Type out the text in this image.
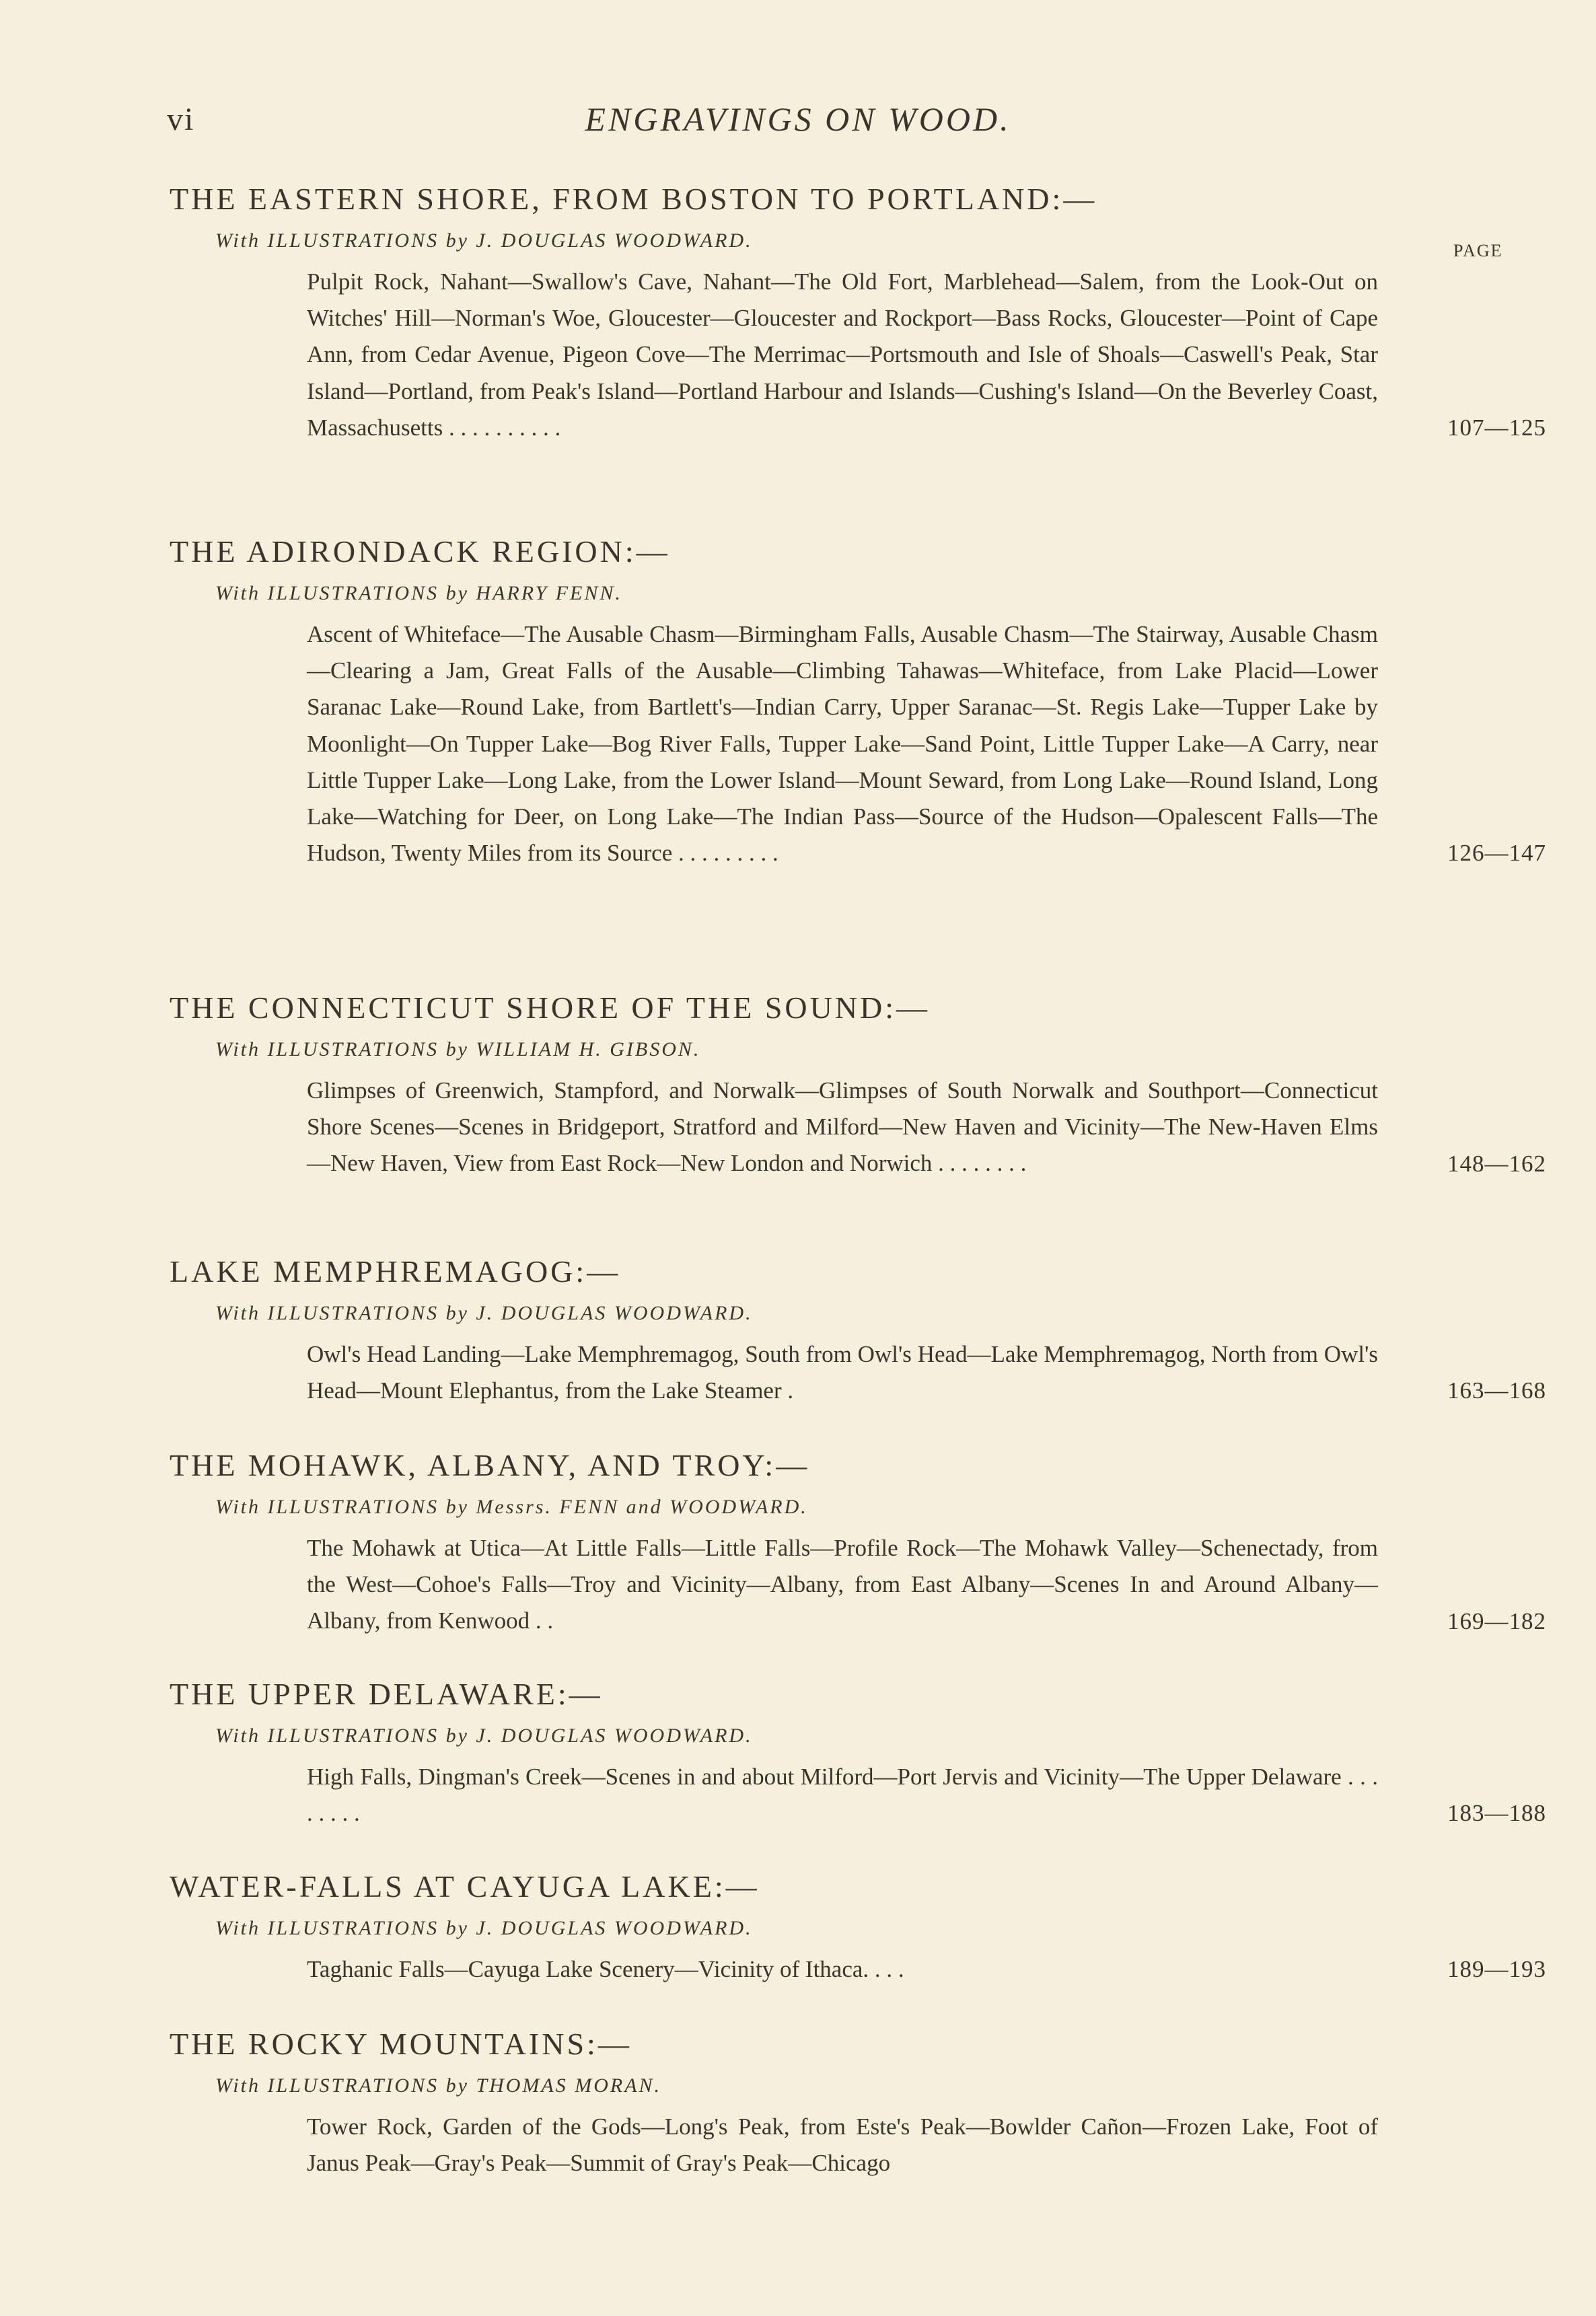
vi	ENGRAVINGS ON WOOD.
PAGE
THE EASTERN SHORE, FROM BOSTON TO PORTLAND:—
With ILLUSTRATIONS by J. DOUGLAS WOODWARD.

Pulpit Rock, Nahant—Swallow's Cave, Nahant—The Old Fort, Marblehead—Salem, from the Look-Out on Witches' Hill—Norman's Woe, Gloucester—Gloucester and Rockport—Bass Rocks, Gloucester—Point of Cape Ann, from Cedar Avenue, Pigeon Cove—The Merrimac—Portsmouth and Isle of Shoals—Caswell's Peak, Star Island—Portland, from Peak's Island—Portland Harbour and Islands—Cushing's Island—On the Beverley Coast, Massachusetts . . . . . . . . . .	107—125
THE ADIRONDACK REGION:—
With ILLUSTRATIONS by HARRY FENN.

Ascent of Whiteface—The Ausable Chasm—Birmingham Falls, Ausable Chasm—The Stairway, Ausable Chasm—Clearing a Jam, Great Falls of the Ausable—Climbing Tahawas—Whiteface, from Lake Placid—Lower Saranac Lake—Round Lake, from Bartlett's—Indian Carry, Upper Saranac—St. Regis Lake—Tupper Lake by Moonlight—On Tupper Lake—Bog River Falls, Tupper Lake—Sand Point, Little Tupper Lake—A Carry, near Little Tupper Lake—Long Lake, from the Lower Island—Mount Seward, from Long Lake—Round Island, Long Lake—Watching for Deer, on Long Lake—The Indian Pass—Source of the Hudson—Opalescent Falls—The Hudson, Twenty Miles from its Source . . . . . . . . .	126—147
THE CONNECTICUT SHORE OF THE SOUND:—
With ILLUSTRATIONS by WILLIAM H. GIBSON.

Glimpses of Greenwich, Stampford, and Norwalk—Glimpses of South Norwalk and Southport—Connecticut Shore Scenes—Scenes in Bridgeport, Stratford and Milford—New Haven and Vicinity—The New-Haven Elms—New Haven, View from East Rock—New London and Norwich . . . . . . . .	148—162
LAKE MEMPHREMAGOG:—
With ILLUSTRATIONS by J. DOUGLAS WOODWARD.

Owl's Head Landing—Lake Memphremagog, South from Owl's Head—Lake Memphremagog, North from Owl's Head—Mount Elephantus, from the Lake Steamer .	163—168
THE MOHAWK, ALBANY, AND TROY:—
With ILLUSTRATIONS by Messrs. FENN and WOODWARD.

The Mohawk at Utica—At Little Falls—Little Falls—Profile Rock—The Mohawk Valley—Schenectady, from the West—Cohoe's Falls—Troy and Vicinity—Albany, from East Albany—Scenes In and Around Albany—Albany, from Kenwood . .	169—182
THE UPPER DELAWARE:—
With ILLUSTRATIONS by J. DOUGLAS WOODWARD.

High Falls, Dingman's Creek—Scenes in and about Milford—Port Jervis and Vicinity—The Upper Delaware . . . . . . . .	183—188
WATER-FALLS AT CAYUGA LAKE:—
With ILLUSTRATIONS by J. DOUGLAS WOODWARD.

Taghanic Falls—Cayuga Lake Scenery—Vicinity of Ithaca. . . .	189—193
THE ROCKY MOUNTAINS:—
With ILLUSTRATIONS by THOMAS MORAN.

Tower Rock, Garden of the Gods—Long's Peak, from Este's Peak—Bowlder Cañon—Frozen Lake, Foot of Janus Peak—Gray's Peak—Summit of Gray's Peak—Chicago
